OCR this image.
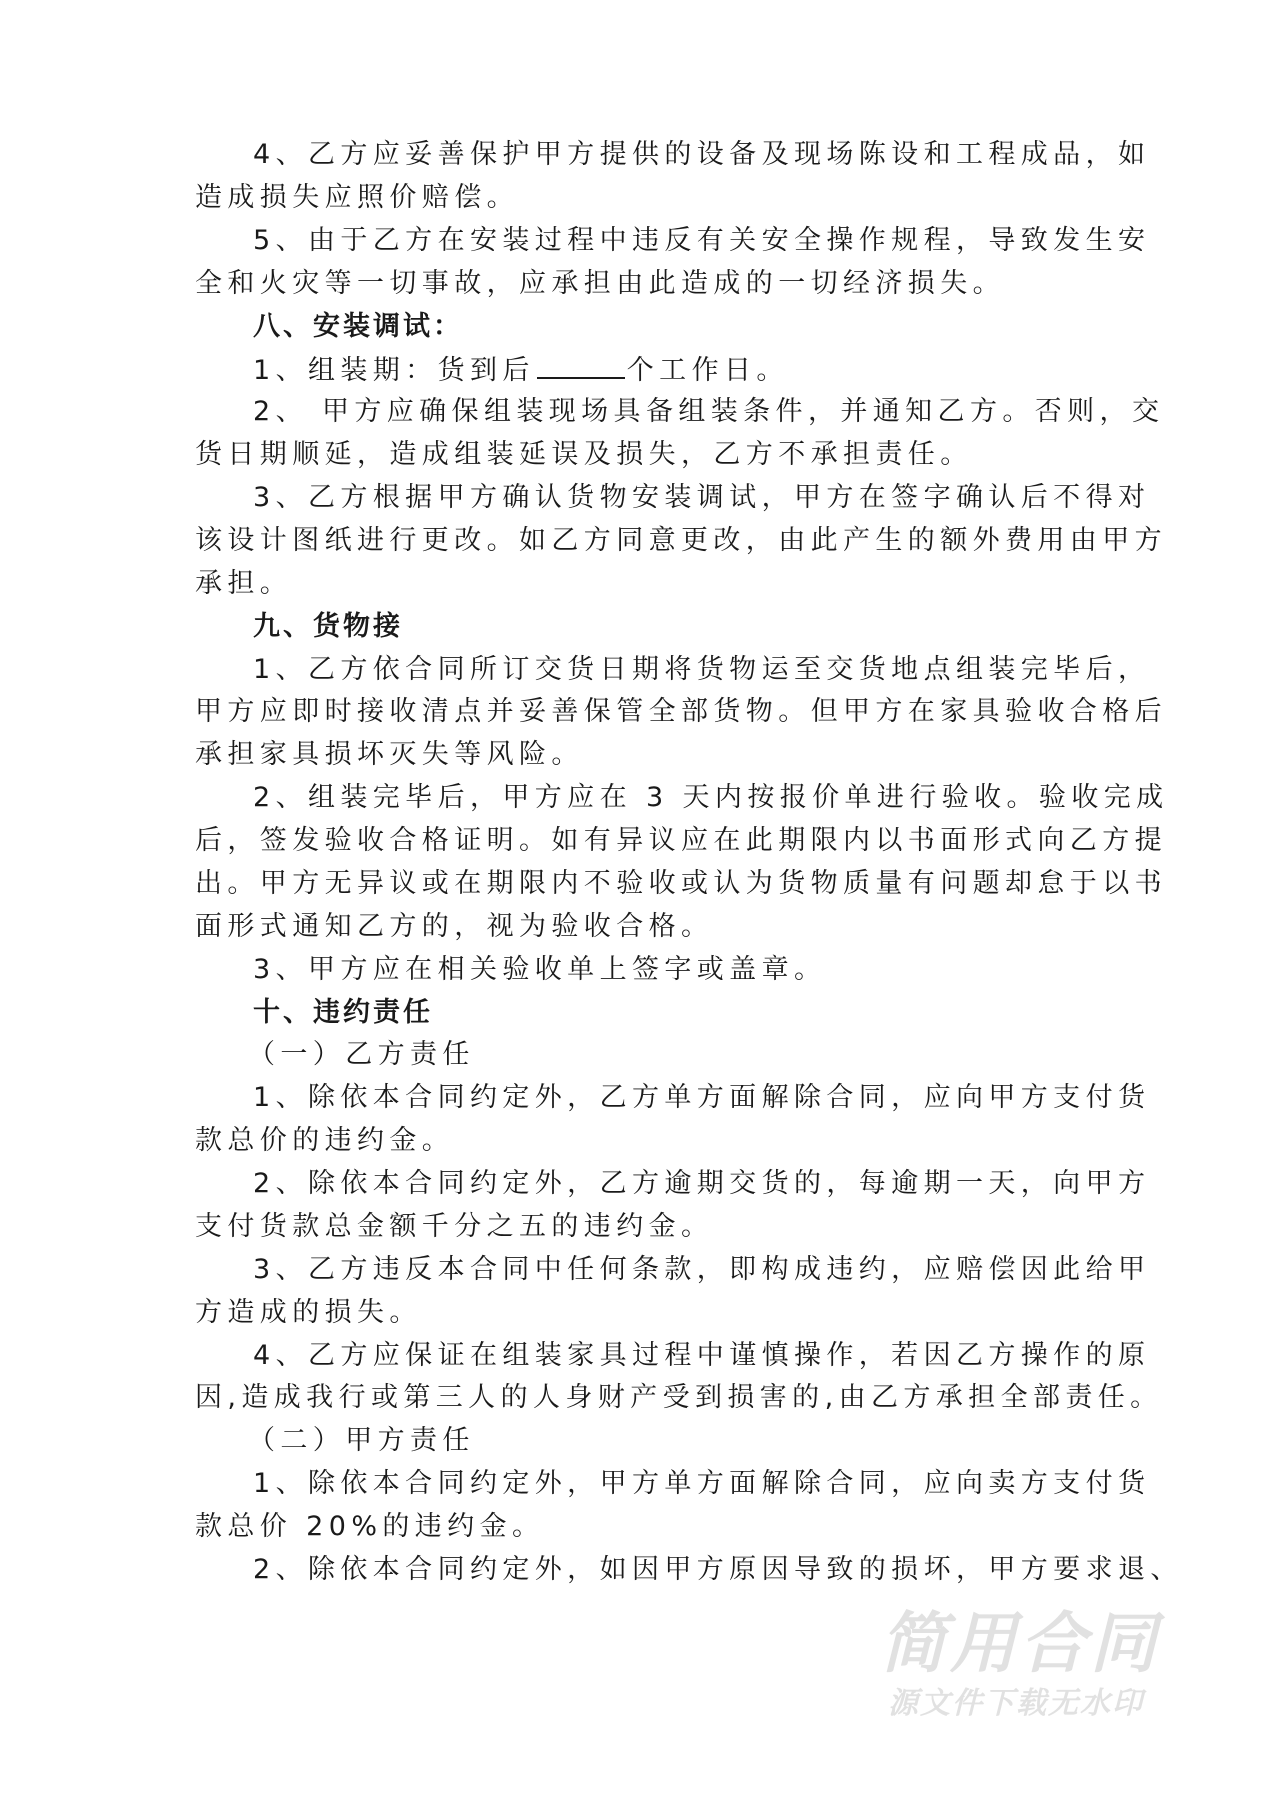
4、乙方应妥善保护甲方提供的设备及现场陈设和工程成品，如
造成损失应照价赔偿。
5、由于乙方在安装过程中违反有关安全操作规程，导致发生安
全和火灾等一切事故，应承担由此造成的一切经济损失。
八、安装调试：
1、组装期：货到后	个工作日。
2、 甲方应确保组装现场具备组装条件，并通知乙方。否则，交
货日期顺延，造成组装延误及损失，乙方不承担责任。
3、乙方根据甲方确认货物安装调试，甲方在签字确认后不得对
该设计图纸进行更改。如乙方同意更改，由此产生的额外费用由甲方
承担。
九、货物接
1、乙方依合同所订交货日期将货物运至交货地点组装完毕后，
甲方应即时接收清点并妥善保管全部货物。但甲方在家具验收合格后
承担家具损坏灭失等风险。
2、组装完毕后，甲方应在 3 天内按报价单进行验收。验收完成
后，签发验收合格证明。如有异议应在此期限内以书面形式向乙方提
出。甲方无异议或在期限内不验收或认为货物质量有问题却怠于以书
面形式通知乙方的，视为验收合格。
3、甲方应在相关验收单上签字或盖章。
十、违约责任
（一）乙方责任
1、除依本合同约定外，乙方单方面解除合同，应向甲方支付货
款总价的违约金。
2、除依本合同约定外，乙方逾期交货的，每逾期一天，向甲方
支付货款总金额千分之五的违约金。
3、乙方违反本合同中任何条款，即构成违约，应赔偿因此给甲
方造成的损失。
4、乙方应保证在组装家具过程中谨慎操作，若因乙方操作的原
因,造成我行或第三人的人身财产受到损害的,由乙方承担全部责任。
（二）甲方责任
1、除依本合同约定外，甲方单方面解除合同，应向卖方支付货
款总价 20%的违约金。
2、除依本合同约定外，如因甲方原因导致的损坏，甲方要求退、
简用合同
源文件下载无水印
